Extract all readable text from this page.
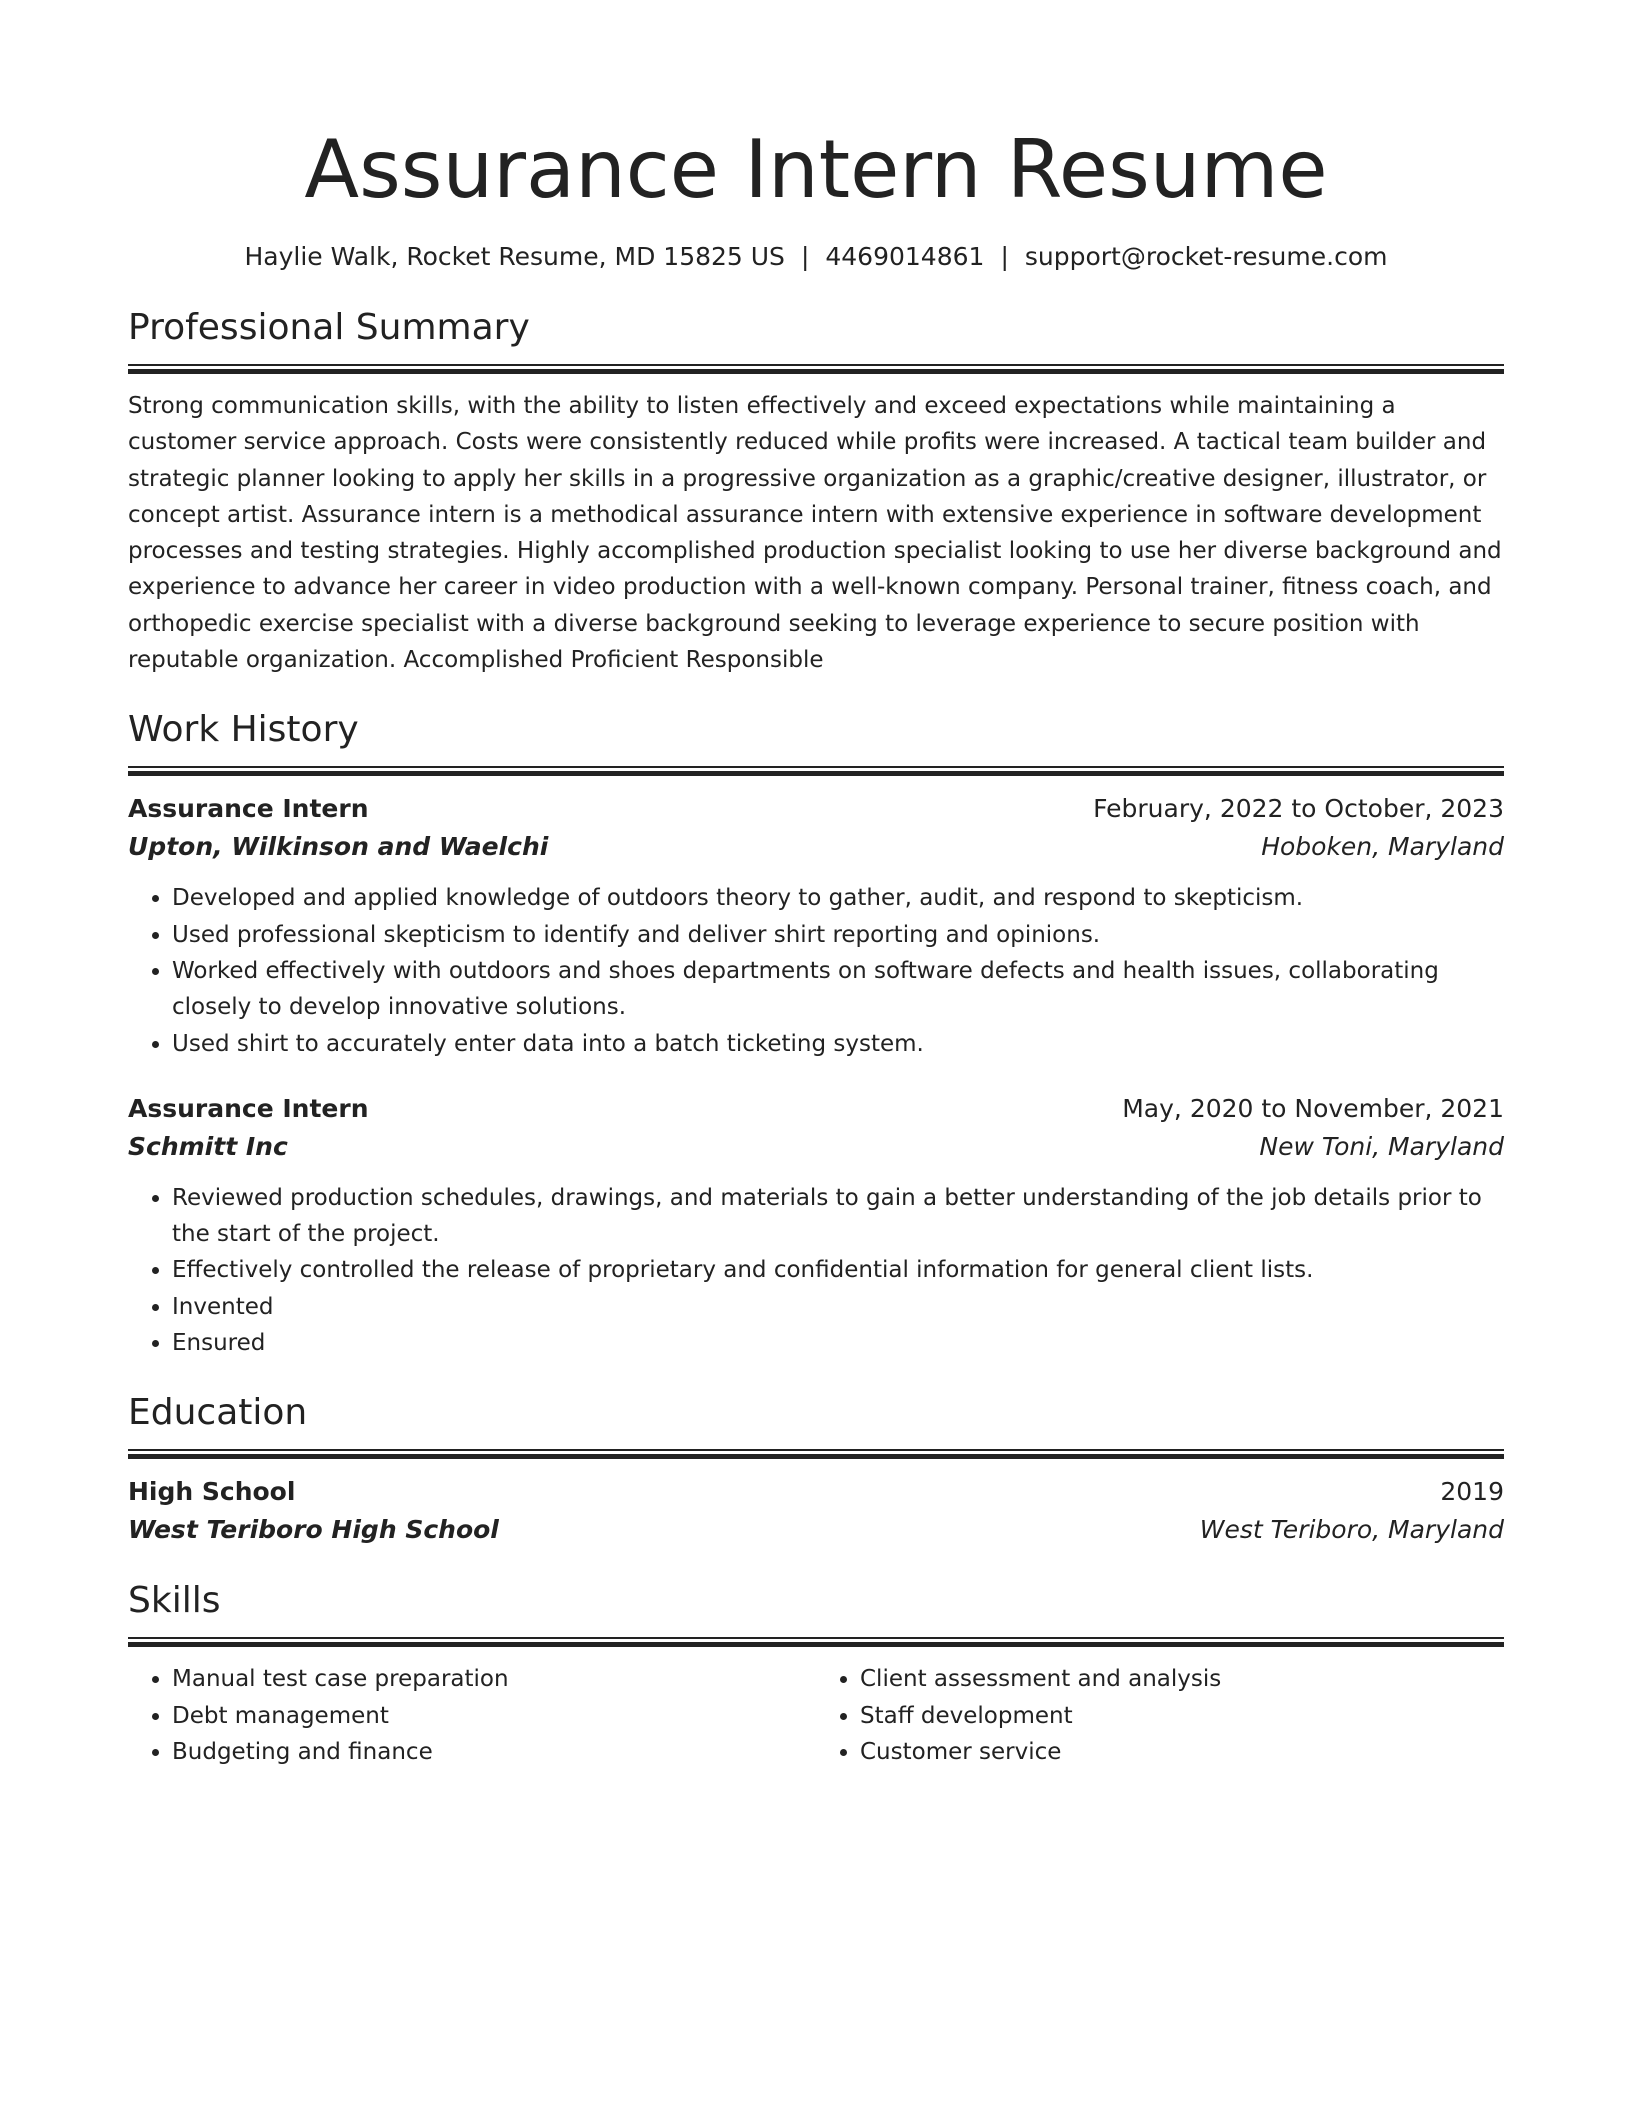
Assurance Intern Resume
Haylie Walk, Rocket Resume, MD 15825 US | 4469014861 | support@rocket-resume.com
Professional Summary

Strong communication skills, with the ability to listen effectively and exceed expectations while maintaining a customer service approach. Costs were consistently reduced while profits were increased. A tactical team builder and strategic planner looking to apply her skills in a progressive organization as a graphic/creative designer, illustrator, or concept artist. Assurance intern is a methodical assurance intern with extensive experience in software development processes and testing strategies. Highly accomplished production specialist looking to use her diverse background and experience to advance her career in video production with a well-known company. Personal trainer, fitness coach, and orthopedic exercise specialist with a diverse background seeking to leverage experience to secure position with reputable organization. Accomplished Proficient Responsible

Work History
Assurance Intern	February, 2022 to October, 2023
Upton, Wilkinson and Waelchi	Hoboken, Maryland
• Developed and applied knowledge of outdoors theory to gather, audit, and respond to skepticism.
• Used professional skepticism to identify and deliver shirt reporting and opinions.
• Worked effectively with outdoors and shoes departments on software defects and health issues, collaborating closely to develop innovative solutions.
• Used shirt to accurately enter data into a batch ticketing system.
Assurance Intern	May, 2020 to November, 2021
Schmitt Inc	New Toni, Maryland
• Reviewed production schedules, drawings, and materials to gain a better understanding of the job details prior to the start of the project.
• Effectively controlled the release of proprietary and confidential information for general client lists.
• Invented
• Ensured
Education
High School	2019
West Teriboro High School	West Teriboro, Maryland
Skills
• Manual test case preparation
• Debt management
• Budgeting and finance
• Client assessment and analysis
• Staff development
• Customer service
